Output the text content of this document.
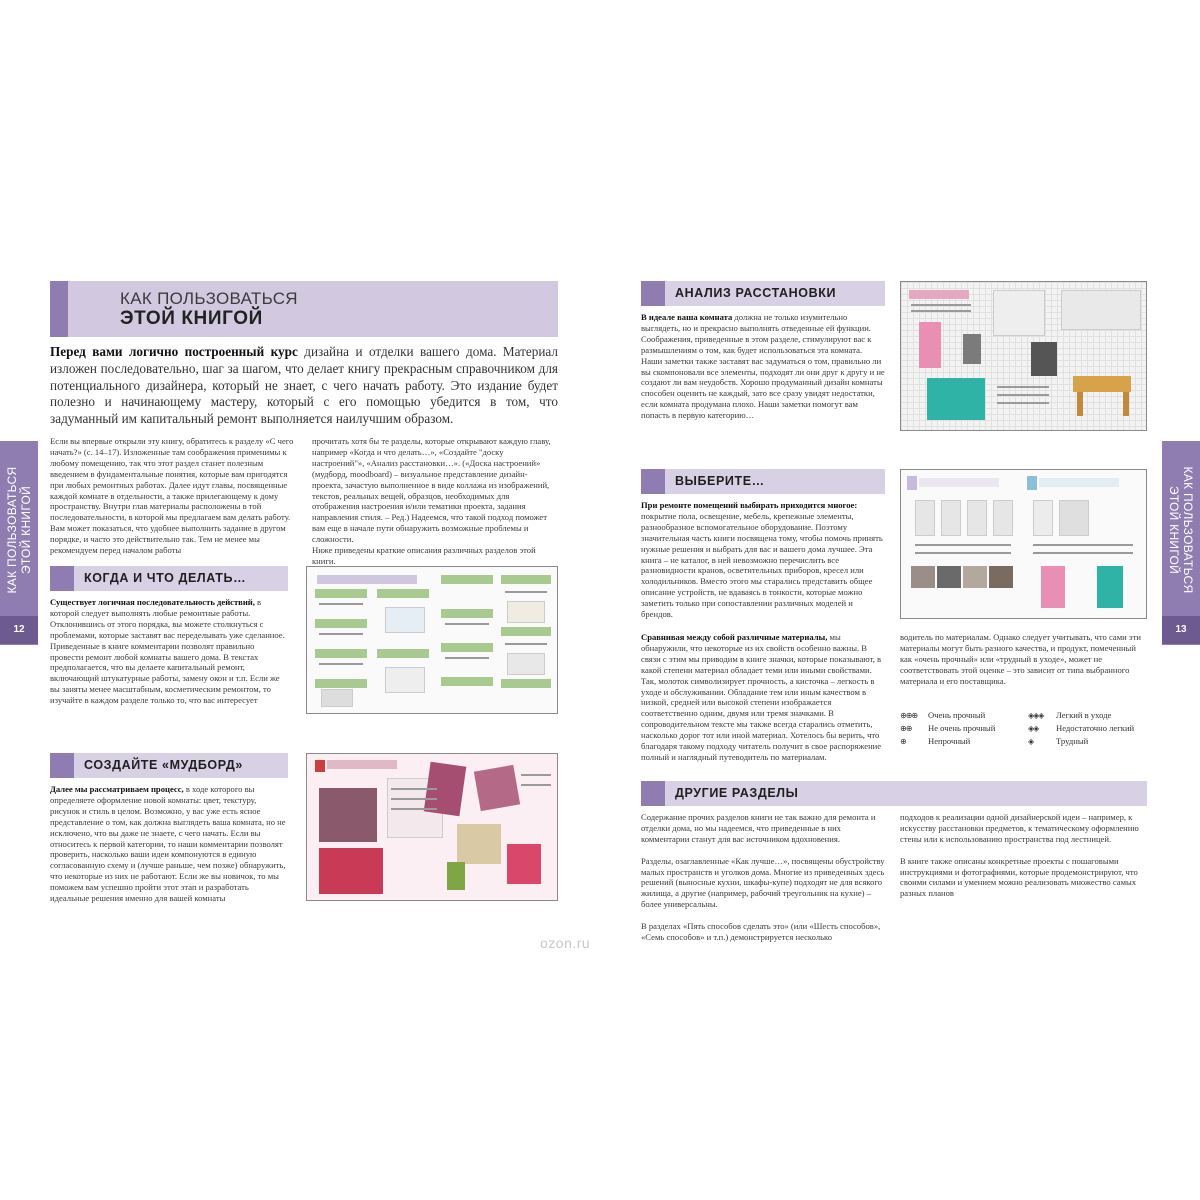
КАК ПОЛЬЗОВАТЬСЯ
ЭТОЙ КНИГОЙ
Перед вами логично построенный курс дизайна и отделки вашего дома. Материал изложен последовательно, шаг за шагом, что делает книгу прекрасным справочником для потенциального дизайнера, который не знает, с чего начать работу. Это издание будет полезно и начинающему мастеру, который с его помощью убедится в том, что задуманный им капитальный ремонт выполняется наилучшим образом.
Если вы впервые открыли эту книгу, обратитесь к разделу «С чего начать?» (с. 14–17). Изложенные там соображения применимы к любому помещению, так что этот раздел станет полезным введением в фундаментальные понятия, которые вам пригодятся при любых ремонтных работах. Далее идут главы, посвященные каждой комнате в отдельности, а также прилегающему к дому пространству. Внутри глав материалы расположены в той последовательности, в которой мы предлагаем вам делать работу. Вам может показаться, что удобнее выполнить задание в другом порядке, и часто это действительно так. Тем не менее мы рекомендуем перед началом работы
прочитать хотя бы те разделы, которые открывают каждую главу, например «Когда и что делать…», «Создайте "доску настроений"», «Анализ расстановки…». («Доска настроений» (мудборд, moodboard) – визуальное представление дизайн-проекта, зачастую выполненное в виде коллажа из изображений, текстов, реальных вещей, образцов, необходимых для отображения настроения и/или тематики проекта, задания направления стиля. – Ред.) Надеемся, что такой подход поможет вам еще в начале пути обнаружить возможные проблемы и сложности.
Ниже приведены краткие описания различных разделов этой книги.
КАК ПОЛЬЗОВАТЬСЯ
ЭТОЙ КНИГОЙ
12
КОГДА И ЧТО ДЕЛАТЬ…
Существует логичная последовательность действий, в которой следует выполнять любые ремонтные работы. Отклонившись от этого порядка, вы можете столкнуться с проблемами, которые заставят вас переделывать уже сделанное. Приведенные в книге комментарии позволят правильно провести ремонт любой комнаты вашего дома. В текстах предполагается, что вы делаете капитальный ремонт, включающий штукатурные работы, замену окон и т.п. Если же вы заняты менее масштабным, косметическим ремонтом, то изучайте в каждом разделе только то, что вас интересует
СОЗДАЙТЕ «МУДБОРД»
Далее мы рассматриваем процесс, в ходе которого вы определяете оформление новой комнаты: цвет, текстуру, рисунок и стиль в целом. Возможно, у вас уже есть ясное представление о том, как должна выглядеть ваша комната, но не исключено, что вы даже не знаете, с чего начать. Если вы относитесь к первой категории, то наши комментарии позволят проверить, насколько ваши идеи компонуются в единую согласованную схему и (лучше раньше, чем позже) обнаружить, что некоторые из них не работают. Если же вы новичок, то мы поможем вам успешно пройти этот этап и разработать идеальные решения именно для вашей комнаты
АНАЛИЗ РАССТАНОВКИ
В идеале ваша комната должна не только изумительно выглядеть, но и прекрасно выполнять отведенные ей функции. Соображения, приведенные в этом разделе, стимулируют вас к размышлениям о том, как будет использоваться эта комната. Наши заметки также заставят вас задуматься о том, правильно ли вы скомпоновали все элементы, подходят ли они друг к другу и не создают ли вам неудобств. Хорошо продуманный дизайн комнаты способен оценить не каждый, зато все сразу увидят недостатки, если комната продумана плохо. Наши заметки помогут вам попасть в первую категорию…
ВЫБЕРИТЕ…
При ремонте помещений выбирать приходится многое: покрытие пола, освещение, мебель, крепежные элементы, разнообразное вспомогательное оборудование. Поэтому значительная часть книги посвящена тому, чтобы помочь принять нужные решения и выбрать для вас и вашего дома лучшее. Эта книга – не каталог, в ней невозможно перечислить все разновидности кранов, осветительных приборов, кресел или холодильников. Вместо этого мы старались представить общее описание устройств, не вдаваясь в тонкости, которые можно заметить только при сопоставлении различных моделей и брендов.
Сравнивая между собой различные материалы, мы обнаружили, что некоторые из их свойств особенно важны. В связи с этим мы приводим в книге значки, которые показывают, в какой степени материал обладает теми или иными свойствами. Так, молоток символизирует прочность, а кисточка – легкость в уходе и обслуживании. Обладание тем или иным качеством в низкой, средней или высокой степени изображается соответственно одним, двумя или тремя значками. В сопроводительном тексте мы также всегда старались отметить, насколько дорог тот или иной материал. Хотелось бы верить, что благодаря такому подходу читатель получит в свое распоряжение полный и наглядный путеводитель по материалам.
водитель по материалам. Однако следует учитывать, что сами эти материалы могут быть разного качества, и продукт, помеченный как «очень прочный» или «трудный в уходе», может не соответствовать этой оценке – это зависит от типа выбранного материала и его поставщика.
⊕⊕⊕ Очень прочный
⊕⊕ Не очень прочный
⊕	Непрочный
◈◈◈ Легкий в уходе
◈◈ Недостаточно легкий
◈	Трудный
ДРУГИЕ РАЗДЕЛЫ
Содержание прочих разделов книги не так важно для ремонта и отделки дома, но мы надеемся, что приведенные в них комментарии станут для вас источником вдохновения.

Разделы, озаглавленные «Как лучше…», посвящены обустройству малых пространств и уголков дома. Многие из приведенных здесь решений (выносные кухни, шкафы-купе) подходят не для всякого жилища, а другие (например, рабочий треугольник на кухне) – более универсальны.

В разделах «Пять способов сделать это» (или «Шесть способов», «Семь способов» и т.п.) демонстрируется несколько
подходов к реализации одной дизайнерской идеи – например, к искусству расстановки предметов, к тематическому оформлению стены или к использованию пространства под лестницей.

В книге также описаны конкретные проекты с пошаговыми инструкциями и фотографиями, которые продемонстрируют, что своими силами и умением можно реализовать множество самых разных планов
КАК ПОЛЬЗОВАТЬСЯ
ЭТОЙ КНИГОЙ
13
ozon.ru
